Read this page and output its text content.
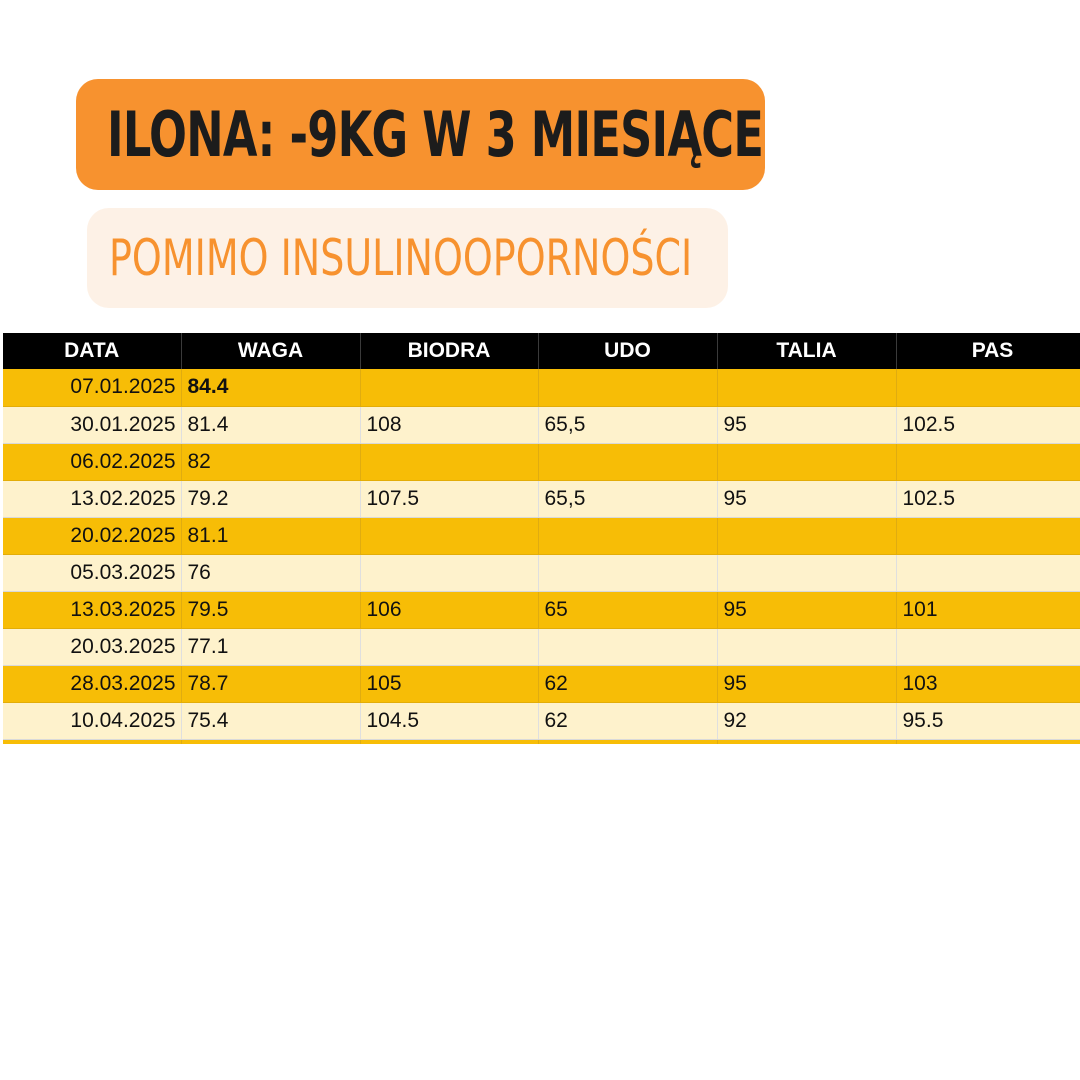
ILONA: -9KG W 3 MIESIĄCE
POMIMO INSULINOOPORNOŚCI
DATA	WAGA	BIODRA	UDO	TALIA	PAS
07.01.2025	84.4				
30.01.2025	81.4	108	65,5	95	102.5
06.02.2025	82				
13.02.2025	79.2	107.5	65,5	95	102.5
20.02.2025	81.1				
05.03.2025	76				
13.03.2025	79.5	106	65	95	101
20.03.2025	77.1				
28.03.2025	78.7	105	62	95	103
10.04.2025	75.4	104.5	62	92	95.5
